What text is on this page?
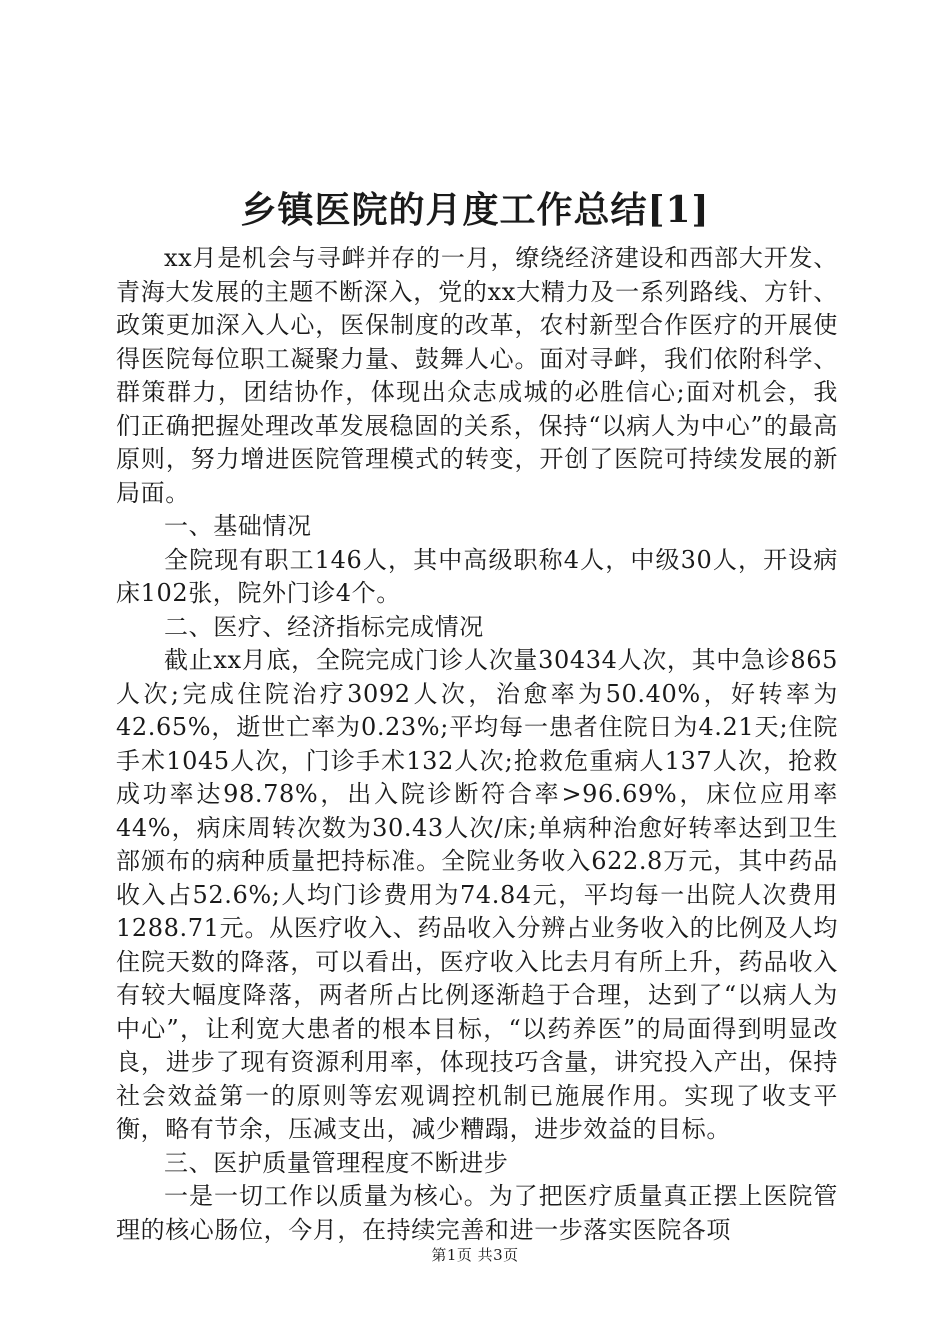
乡镇医院的月度工作总结[1]

xx月是机会与寻衅并存的一月，缭绕经济建设和西部大开发、青海大发展的主题不断深入，党的xx大精力及一系列路线、方针、政策更加深入人心，医保制度的改革，农村新型合作医疗的开展使得医院每位职工凝聚力量、鼓舞人心。面对寻衅，我们依附科学、群策群力，团结协作，体现出众志成城的必胜信心;面对机会，我们正确把握处理改革发展稳固的关系，保持“以病人为中心”的最高原则，努力增进医院管理模式的转变，开创了医院可持续发展的新局面。

一、基础情况

全院现有职工146人，其中高级职称4人，中级30人，开设病床102张，院外门诊4个。

二、医疗、经济指标完成情况

截止xx月底，全院完成门诊人次量30434人次，其中急诊865人次;完成住院治疗3092人次，治愈率为50.40%，好转率为42.65%，逝世亡率为0.23%;平均每一患者住院日为4.21天;住院手术1045人次，门诊手术132人次;抢救危重病人137人次，抢救成功率达98.78%，出入院诊断符合率>96.69%，床位应用率44%，病床周转次数为30.43人次/床;单病种治愈好转率达到卫生部颁布的病种质量把持标准。全院业务收入622.8万元，其中药品收入占52.6%;人均门诊费用为74.84元，平均每一出院人次费用1288.71元。从医疗收入、药品收入分辨占业务收入的比例及人均住院天数的降落，可以看出，医疗收入比去月有所上升，药品收入有较大幅度降落，两者所占比例逐渐趋于合理，达到了“以病人为中心”，让利宽大患者的根本目标，“以药养医”的局面得到明显改良，进步了现有资源利用率，体现技巧含量，讲究投入产出，保持社会效益第一的原则等宏观调控机制已施展作用。实现了收支平衡，略有节余，压减支出，减少糟蹋，进步效益的目标。

三、医护质量管理程度不断进步

一是一切工作以质量为核心。为了把医疗质量真正摆上医院管理的核心肠位，今月，在持续完善和进一步落实医院各项

第1页 共3页
